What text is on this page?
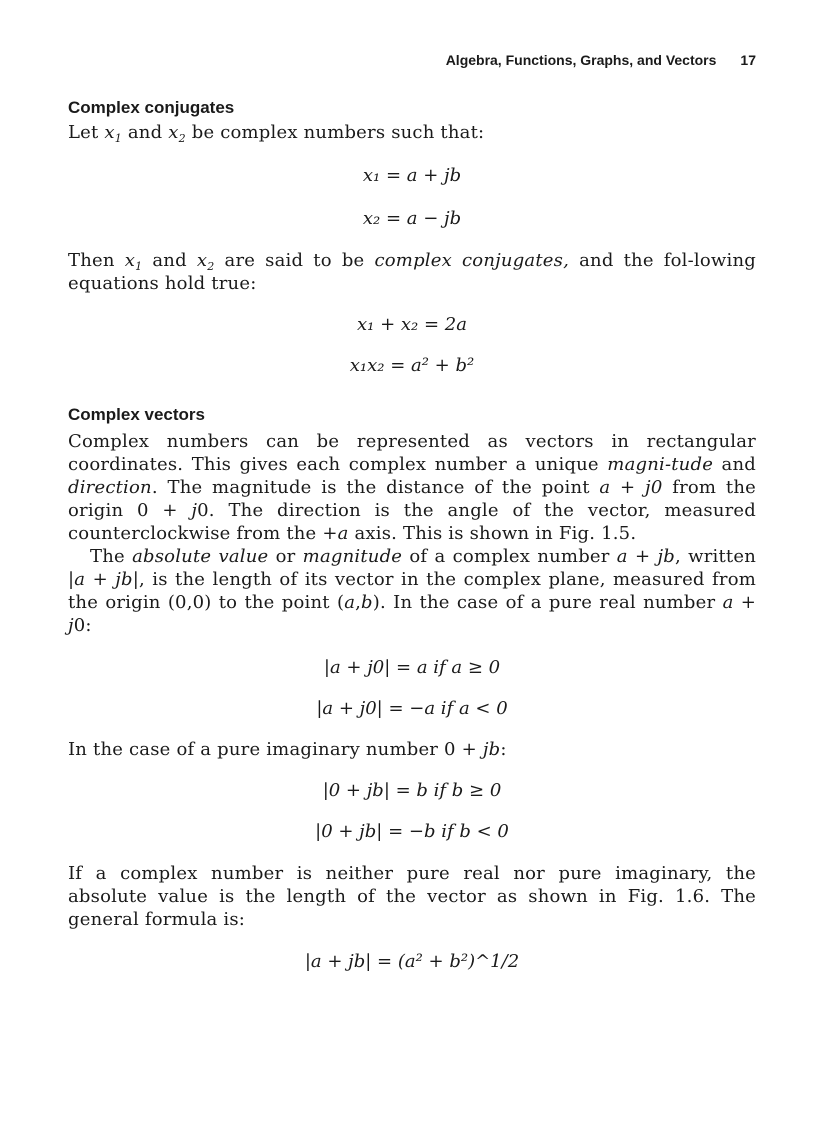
Algebra, Functions, Graphs, and Vectors 17
Complex conjugates

Let $x_1$ and $x_2$ be complex numbers such that:

x₁ = a + jb
x₂ = a − jb

Then $x_1$ and $x_2$ are said to be complex conjugates, and the fol-lowing equations hold true:

x₁ + x₂ = 2a
x₁x₂ = a² + b²
Complex vectors

Complex numbers can be represented as vectors in rectangular coordinates. This gives each complex number a unique magni-tude and direction. The magnitude is the distance of the point a + j0 from the origin 0 + j0. The direction is the angle of the vector, measured counterclockwise from the +a axis. This is shown in Fig. 1.5.

The absolute value or magnitude of a complex number a + jb, written |a + jb|, is the length of its vector in the complex plane, measured from the origin (0,0) to the point (a,b). In the case of a pure real number a + j0:

|a + j0| = a if a ≥ 0
|a + j0| = −a if a < 0

In the case of a pure imaginary number 0 + jb:

|0 + jb| = b if b ≥ 0
|0 + jb| = −b if b < 0

If a complex number is neither pure real nor pure imaginary, the absolute value is the length of the vector as shown in Fig. 1.6. The general formula is:

|a + jb| = (a² + b²)^1/2
